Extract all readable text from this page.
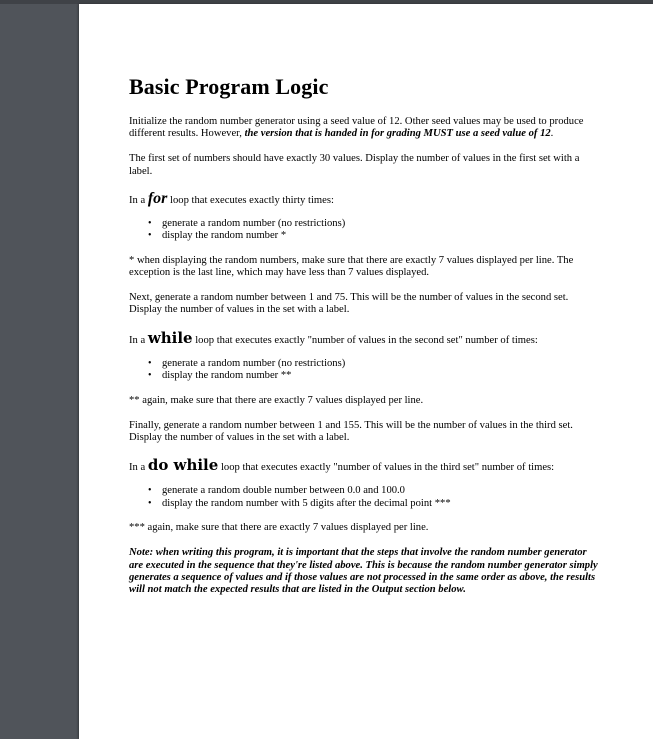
Basic Program Logic

Initialize the random number generator using a seed value of 12. Other seed values may be used to produce different results. However, the version that is handed in for grading MUST use a seed value of 12.

The first set of numbers should have exactly 30 values. Display the number of values in the first set with a label.

In a for loop that executes exactly thirty times:
• generate a random number (no restrictions)
• display the random number *

* when displaying the random numbers, make sure that there are exactly 7 values displayed per line. The exception is the last line, which may have less than 7 values displayed.

Next, generate a random number between 1 and 75. This will be the number of values in the second set. Display the number of values in the set with a label.

In a while loop that executes exactly "number of values in the second set" number of times:
• generate a random number (no restrictions)
• display the random number **

** again, make sure that there are exactly 7 values displayed per line.

Finally, generate a random number between 1 and 155. This will be the number of values in the third set. Display the number of values in the set with a label.

In a do while loop that executes exactly "number of values in the third set" number of times:
• generate a random double number between 0.0 and 100.0
• display the random number with 5 digits after the decimal point ***

*** again, make sure that there are exactly 7 values displayed per line.

Note: when writing this program, it is important that the steps that involve the random number generator are executed in the sequence that they're listed above. This is because the random number generator simply generates a sequence of values and if those values are not processed in the same order as above, the results will not match the expected results that are listed in the Output section below.
